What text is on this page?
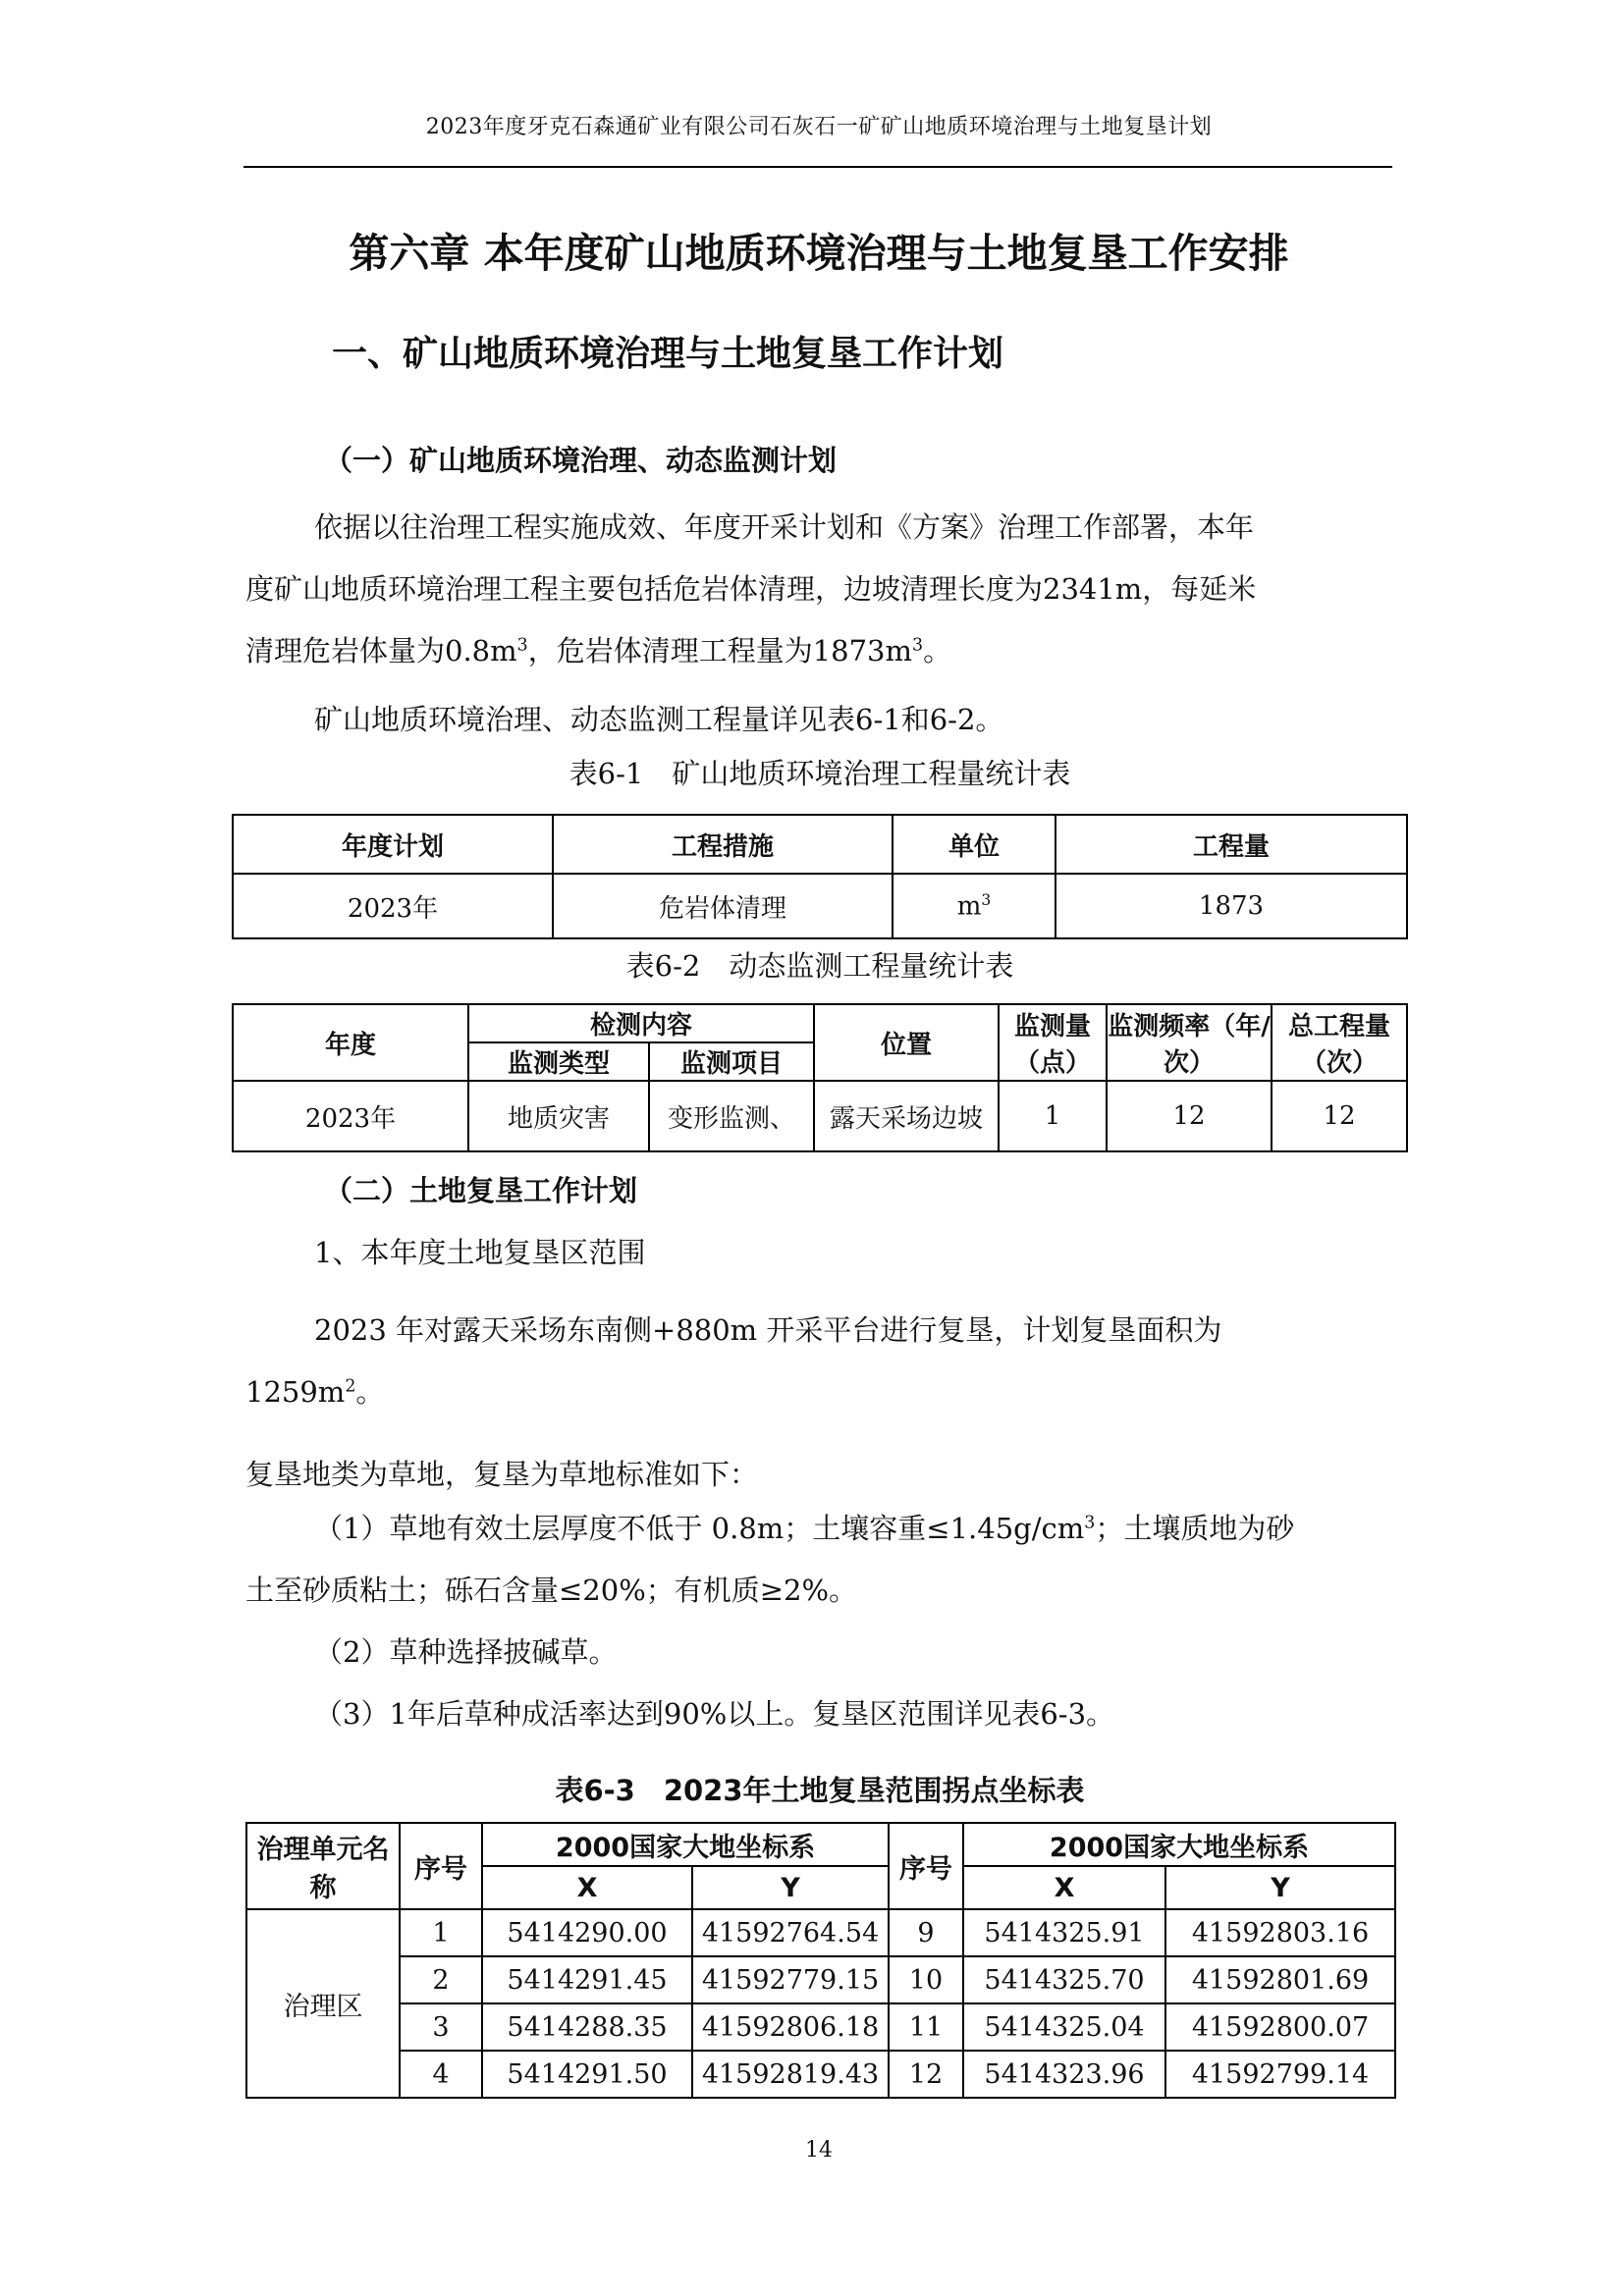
2023年度牙克石森通矿业有限公司石灰石一矿矿山地质环境治理与土地复垦计划
第六章 本年度矿山地质环境治理与土地复垦工作安排
一、矿山地质环境治理与土地复垦工作计划
（一）矿山地质环境治理、动态监测计划
依据以往治理工程实施成效、年度开采计划和《方案》治理工作部署，本年
度矿山地质环境治理工程主要包括危岩体清理，边坡清理长度为2341m，每延米
清理危岩体量为$0.8m^3$，危岩体清理工程量为$1873m^3$。
矿山地质环境治理、动态监测工程量详见表6-1和6-2。
表6-1　矿山地质环境治理工程量统计表
年度计划	工程措施	单位	工程量
2023年	危岩体清理	$m^3$	1873
表6-2　动态监测工程量统计表
年度	检测内容		位置	监测量（点）	监测频率（年/次）	总工程量（次）
	监测类型	监测项目				
2023年	地质灾害	变形监测、	露天采场边坡	1	12	12
（二）土地复垦工作计划
1、本年度土地复垦区范围
2023 年对露天采场东南侧+880m 开采平台进行复垦，计划复垦面积为
$1259m^2$。
复垦地类为草地，复垦为草地标准如下：
（1）草地有效土层厚度不低于 0.8m；土壤容重$\le 1.45g/cm^3$；土壤质地为砂
土至砂质粘土；砾石含量≤20%；有机质≥2%。
（2）草种选择披碱草。
（3）1年后草种成活率达到90%以上。复垦区范围详见表6-3。
表6-3　2023年土地复垦范围拐点坐标表
治理单元名称	序号	2000国家大地坐标系		序号	2000国家大地坐标系	
		X	Y		X	Y
治理区	1	5414290.00	41592764.54	9	5414325.91	41592803.16
	2	5414291.45	41592779.15	10	5414325.70	41592801.69
	3	5414288.35	41592806.18	11	5414325.04	41592800.07
	4	5414291.50	41592819.43	12	5414323.96	41592799.14
14
